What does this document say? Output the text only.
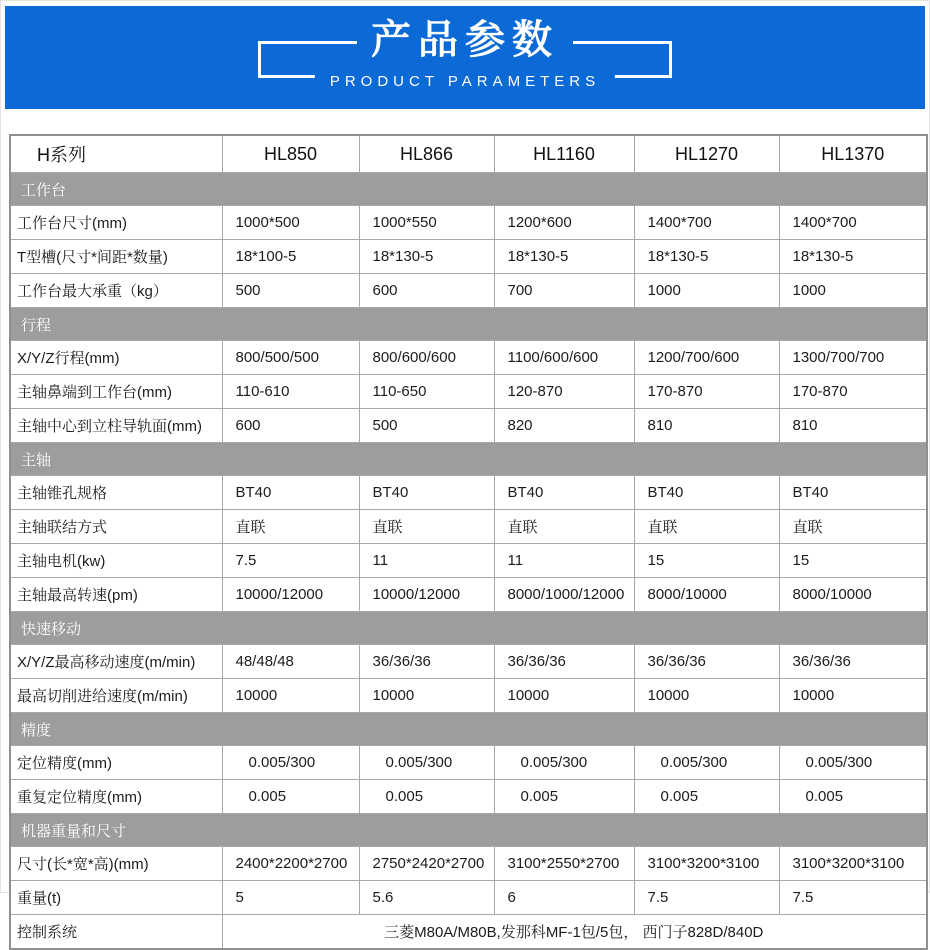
产品参数
PRODUCT PARAMETERS
H系列	HL850	HL866	HL1160	HL1270	HL1370
工作台					
工作台尺寸(mm)	1000*500	1000*550	1200*600	1400*700	1400*700
T型槽(尺寸*间距*数量)	18*100-5	18*130-5	18*130-5	18*130-5	18*130-5
工作台最大承重（kg）	500	600	700	1000	1000
行程					
X/Y/Z行程(mm)	800/500/500	800/600/600	1100/600/600	1200/700/600	1300/700/700
主轴鼻端到工作台(mm)	110-610	110-650	120-870	170-870	170-870
主轴中心到立柱导轨面(mm)	600	500	820	810	810
主轴					
主轴锥孔规格	BT40	BT40	BT40	BT40	BT40
主轴联结方式	直联	直联	直联	直联	直联
主轴电机(kw)	7.5	11	11	15	15
主轴最高转速(pm)	10000/12000	10000/12000	8000/1000/12000	8000/10000	8000/10000
快速移动					
X/Y/Z最高移动速度(m/min)	48/48/48	36/36/36	36/36/36	36/36/36	36/36/36
最高切削进给速度(m/min)	10000	10000	10000	10000	10000
精度					
定位精度(mm)	0.005/300	0.005/300	0.005/300	0.005/300	0.005/300
重复定位精度(mm)	0.005	0.005	0.005	0.005	0.005
机器重量和尺寸					
尺寸(长*宽*高)(mm)	2400*2200*2700	2750*2420*2700	3100*2550*2700	3100*3200*3100	3100*3200*3100
重量(t)	5	5.6	6	7.5	7.5
控制系统	三菱M80A/M80B,发那科MF-1包/5包， 西门子828D/840D				
